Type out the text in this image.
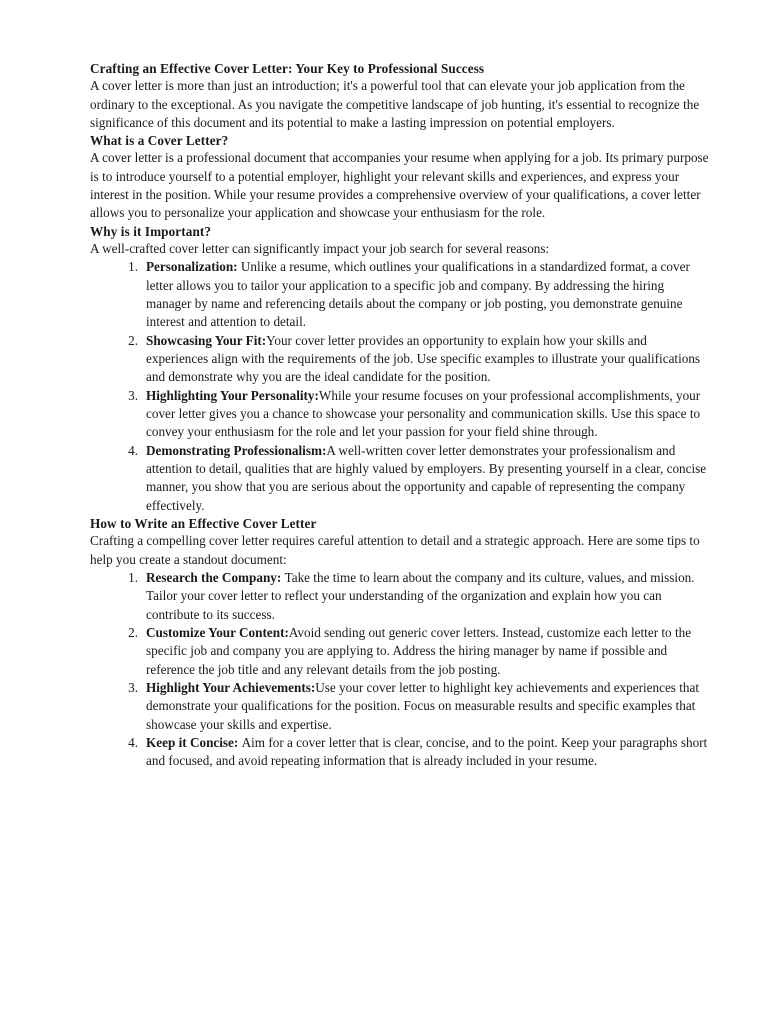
Crafting an Effective Cover Letter: Your Key to Professional Success

A cover letter is more than just an introduction; it's a powerful tool that can elevate your job application from the ordinary to the exceptional. As you navigate the competitive landscape of job hunting, it's essential to recognize the significance of this document and its potential to make a lasting impression on potential employers.

What is a Cover Letter?

A cover letter is a professional document that accompanies your resume when applying for a job. Its primary purpose is to introduce yourself to a potential employer, highlight your relevant skills and experiences, and express your interest in the position. While your resume provides a comprehensive overview of your qualifications, a cover letter allows you to personalize your application and showcase your enthusiasm for the role.

Why is it Important?

A well-crafted cover letter can significantly impact your job search for several reasons:

Personalization: Unlike a resume, which outlines your qualifications in a standardized format, a cover letter allows you to tailor your application to a specific job and company. By addressing the hiring manager by name and referencing details about the company or job posting, you demonstrate genuine interest and attention to detail.
Showcasing Your Fit:Your cover letter provides an opportunity to explain how your skills and experiences align with the requirements of the job. Use specific examples to illustrate your qualifications and demonstrate why you are the ideal candidate for the position.
Highlighting Your Personality:While your resume focuses on your professional accomplishments, your cover letter gives you a chance to showcase your personality and communication skills. Use this space to convey your enthusiasm for the role and let your passion for your field shine through.
Demonstrating Professionalism:A well-written cover letter demonstrates your professionalism and attention to detail, qualities that are highly valued by employers. By presenting yourself in a clear, concise manner, you show that you are serious about the opportunity and capable of representing the company effectively.
How to Write an Effective Cover Letter

Crafting a compelling cover letter requires careful attention to detail and a strategic approach. Here are some tips to help you create a standout document:

Research the Company: Take the time to learn about the company and its culture, values, and mission. Tailor your cover letter to reflect your understanding of the organization and explain how you can contribute to its success.
Customize Your Content:Avoid sending out generic cover letters. Instead, customize each letter to the specific job and company you are applying to. Address the hiring manager by name if possible and reference the job title and any relevant details from the job posting.
Highlight Your Achievements:Use your cover letter to highlight key achievements and experiences that demonstrate your qualifications for the position. Focus on measurable results and specific examples that showcase your skills and expertise.
Keep it Concise: Aim for a cover letter that is clear, concise, and to the point. Keep your paragraphs short and focused, and avoid repeating information that is already included in your resume.
